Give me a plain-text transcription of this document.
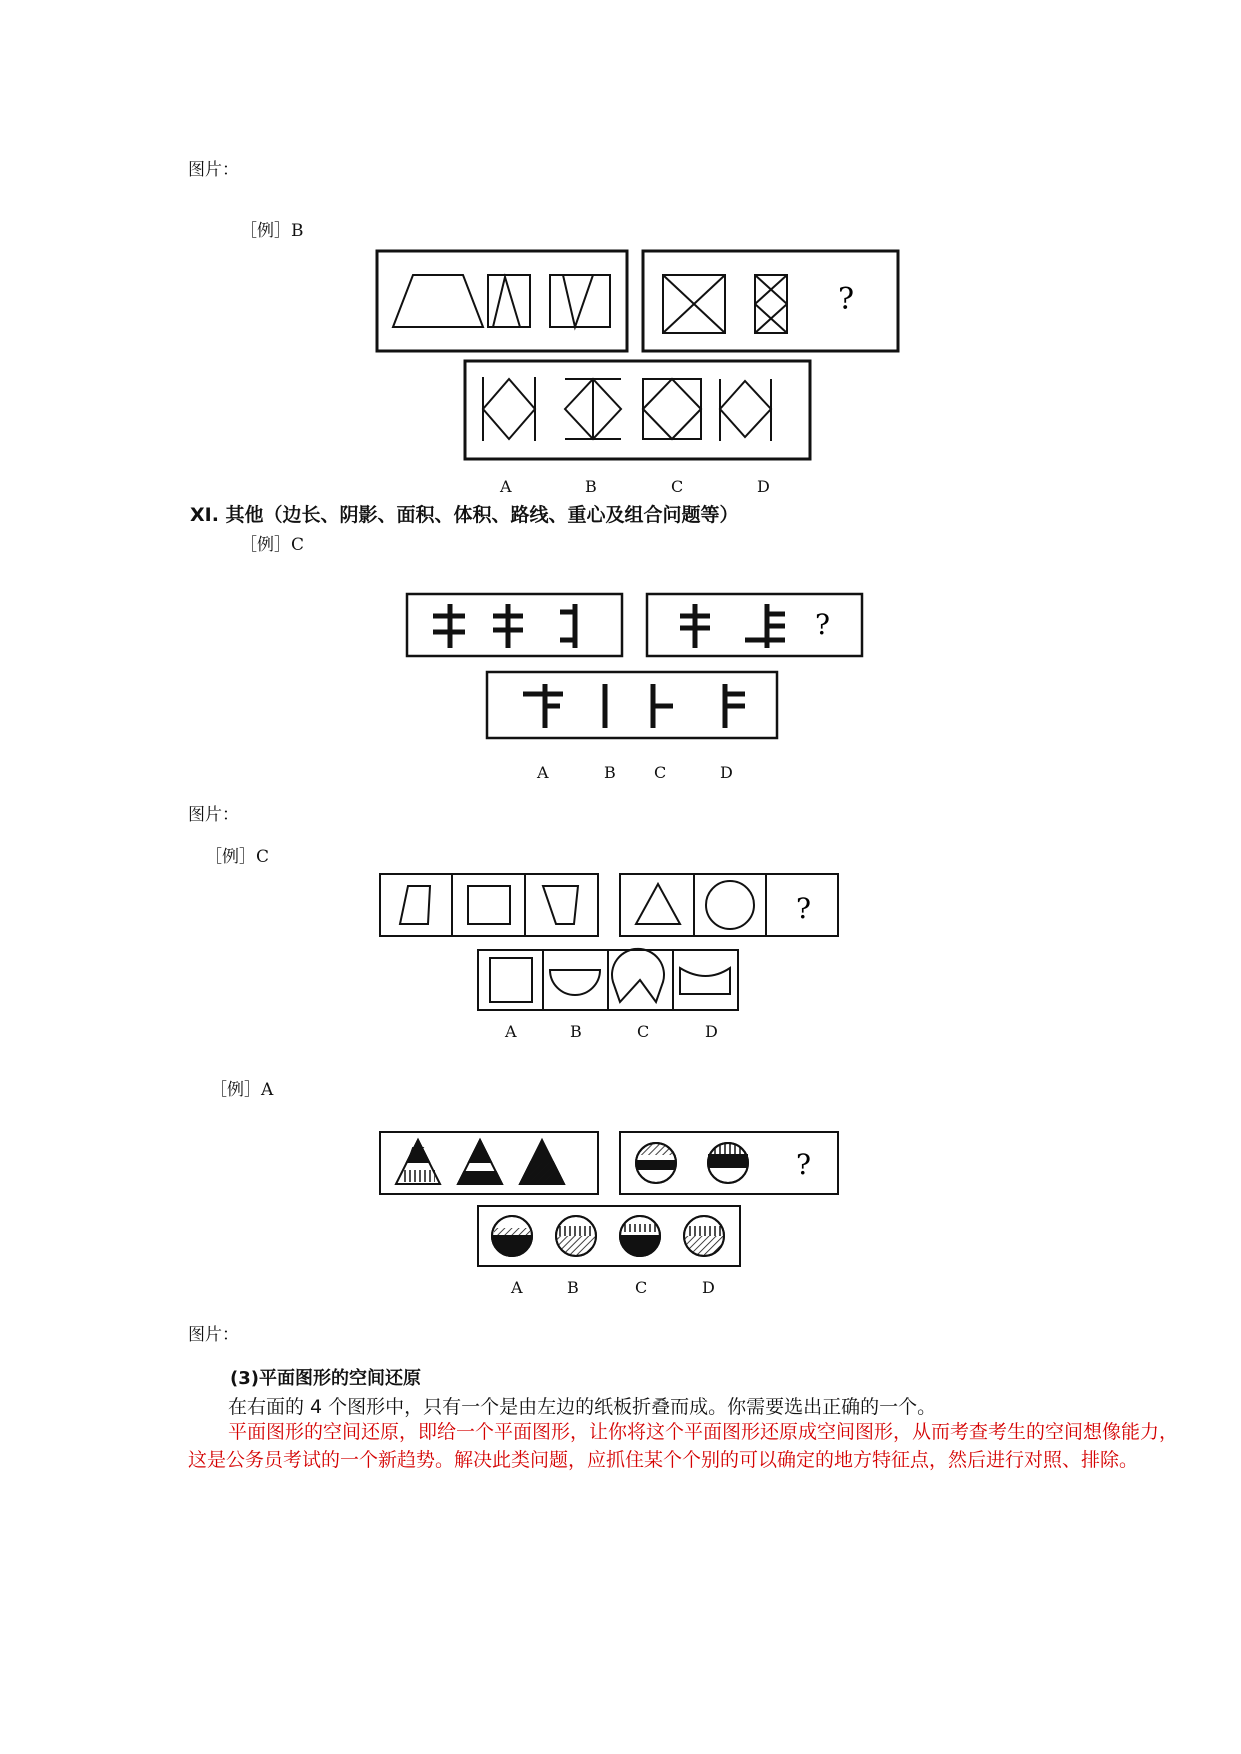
图片：
［例］B
?
A	B	C	D
XI. 其他（边长、阴影、面积、体积、路线、重心及组合问题等）
［例］C
?
A	B C	D
图片：
［例］C
?
A	B	C	D
［例］A
?
A	B	C	D
图片：
(3)平面图形的空间还原
在右面的 4 个图形中，只有一个是由左边的纸板折叠而成。你需要选出正确的一个。
平面图形的空间还原，即给一个平面图形，让你将这个平面图形还原成空间图形，从而考查考生的空间想像能力，这是公务员考试的一个新趋势。解决此类问题，应抓住某个个别的可以确定的地方特征点，然后进行对照、排除。
